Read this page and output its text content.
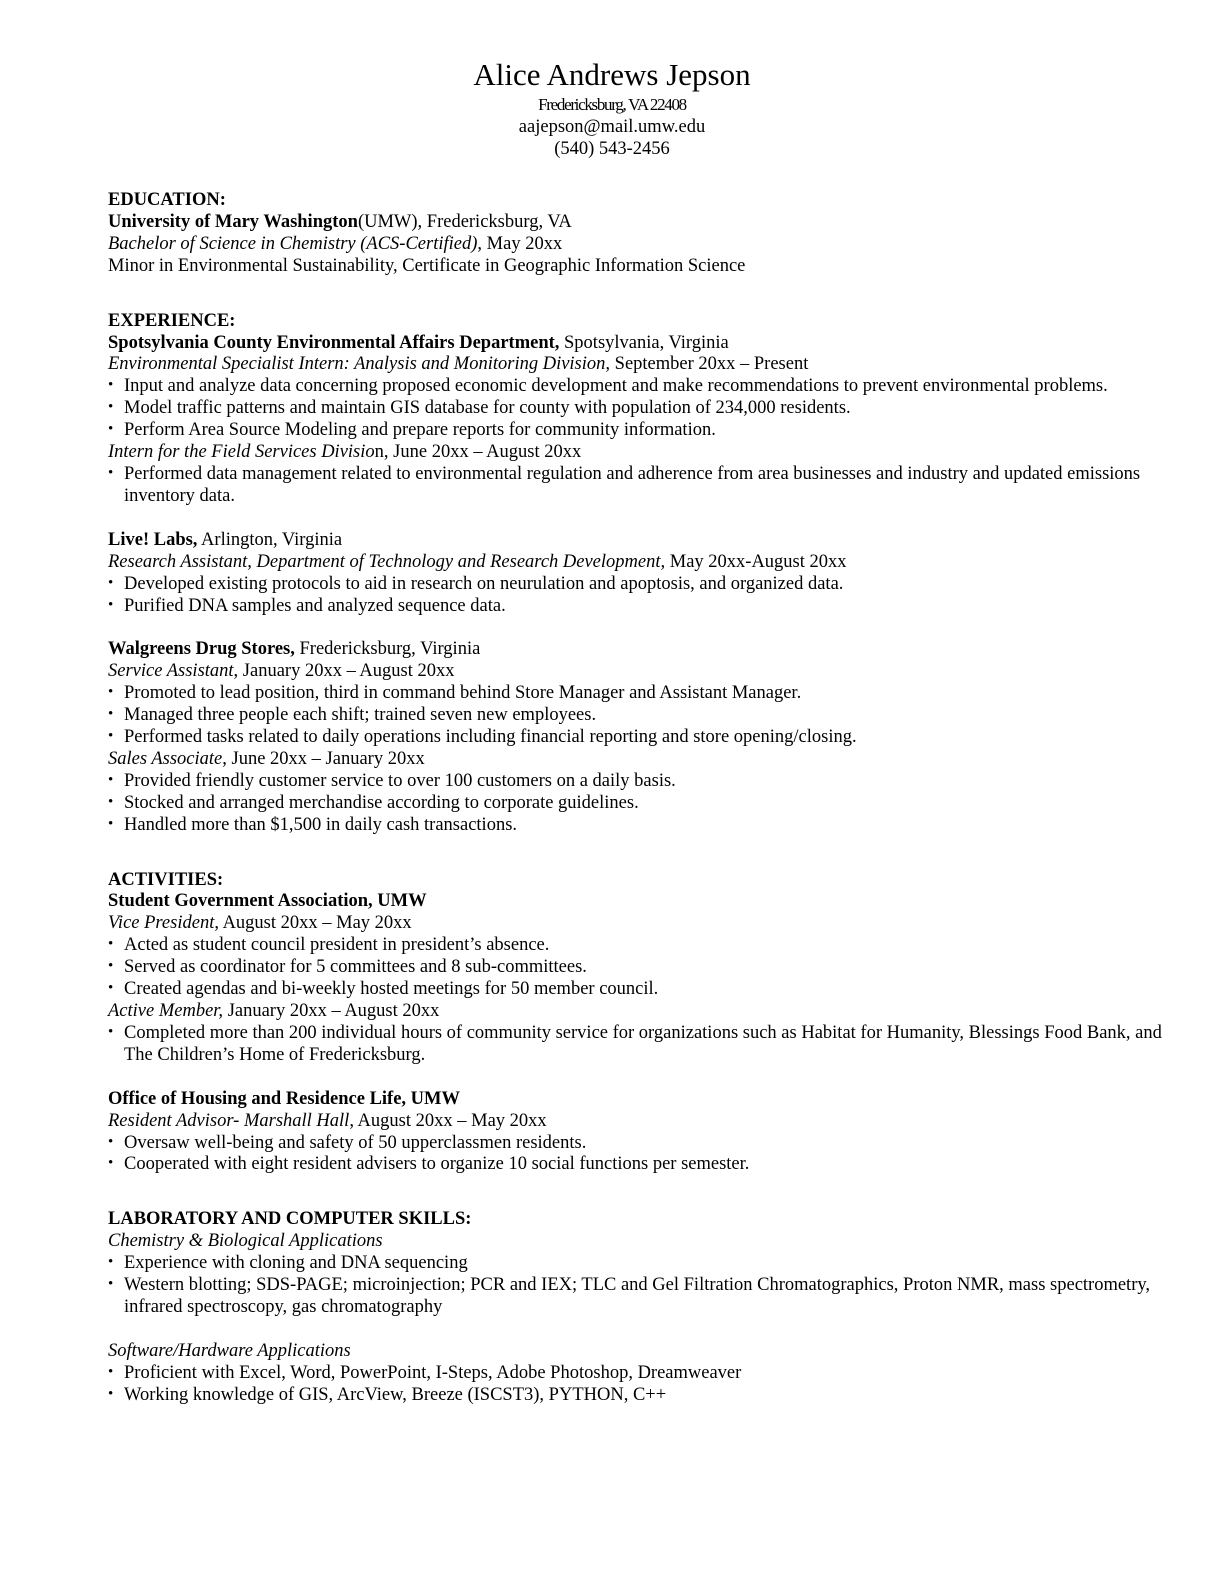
Alice Andrews Jepson
Fredericksburg, VA 22408
aajepson@mail.umw.edu
(540) 543-2456
EDUCATION:
University of Mary Washington(UMW), Fredericksburg, VA
Bachelor of Science in Chemistry (ACS-Certified), May 20xx
Minor in Environmental Sustainability, Certificate in Geographic Information Science
EXPERIENCE:
Spotsylvania County Environmental Affairs Department, Spotsylvania, Virginia
Environmental Specialist Intern: Analysis and Monitoring Division, September 20xx – Present
• Input and analyze data concerning proposed economic development and make recommendations to prevent environmental problems.
• Model traffic patterns and maintain GIS database for county with population of 234,000 residents.
• Perform Area Source Modeling and prepare reports for community information.
Intern for the Field Services Division, June 20xx – August 20xx
• Performed data management related to environmental regulation and adherence from area businesses and industry and updated emissions inventory data.
Live! Labs, Arlington, Virginia
Research Assistant, Department of Technology and Research Development, May 20xx-August 20xx
• Developed existing protocols to aid in research on neurulation and apoptosis, and organized data.
• Purified DNA samples and analyzed sequence data.
Walgreens Drug Stores, Fredericksburg, Virginia
Service Assistant, January 20xx – August 20xx
• Promoted to lead position, third in command behind Store Manager and Assistant Manager.
• Managed three people each shift; trained seven new employees.
• Performed tasks related to daily operations including financial reporting and store opening/closing.
Sales Associate, June 20xx – January 20xx
• Provided friendly customer service to over 100 customers on a daily basis.
• Stocked and arranged merchandise according to corporate guidelines.
• Handled more than $1,500 in daily cash transactions.
ACTIVITIES:
Student Government Association, UMW
Vice President, August 20xx – May 20xx
• Acted as student council president in president’s absence.
• Served as coordinator for 5 committees and 8 sub-committees.
• Created agendas and bi-weekly hosted meetings for 50 member council.
Active Member, January 20xx – August 20xx
• Completed more than 200 individual hours of community service for organizations such as Habitat for Humanity, Blessings Food Bank, and The Children’s Home of Fredericksburg.
Office of Housing and Residence Life, UMW
Resident Advisor- Marshall Hall, August 20xx – May 20xx
• Oversaw well-being and safety of 50 upperclassmen residents.
• Cooperated with eight resident advisers to organize 10 social functions per semester.
LABORATORY AND COMPUTER SKILLS:
Chemistry & Biological Applications
• Experience with cloning and DNA sequencing
• Western blotting; SDS-PAGE; microinjection; PCR and IEX; TLC and Gel Filtration Chromatographics, Proton NMR, mass spectrometry, infrared spectroscopy, gas chromatography
Software/Hardware Applications
• Proficient with Excel, Word, PowerPoint, I-Steps, Adobe Photoshop, Dreamweaver
• Working knowledge of GIS, ArcView, Breeze (ISCST3), PYTHON, C++
